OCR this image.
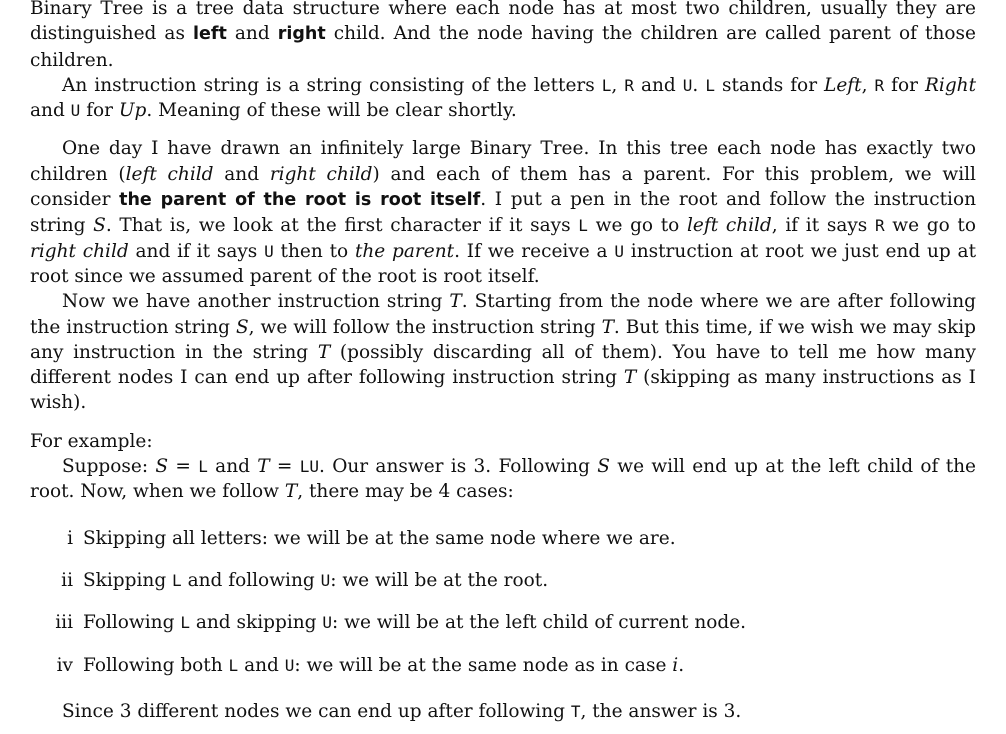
Binary Tree is a tree data structure where each node has at most two children, usually they are distinguished as left and right child. And the node having the children are called parent of those children.

An instruction string is a string consisting of the letters L, R and U. L stands for Left, R for Right and U for Up. Meaning of these will be clear shortly.

One day I have drawn an infinitely large Binary Tree. In this tree each node has exactly two children (left child and right child) and each of them has a parent. For this problem, we will consider the parent of the root is root itself. I put a pen in the root and follow the instruction string S. That is, we look at the first character if it says L we go to left child, if it says R we go to right child and if it says U then to the parent. If we receive a U instruction at root we just end up at root since we assumed parent of the root is root itself.

Now we have another instruction string T. Starting from the node where we are after following the instruction string S, we will follow the instruction string T. But this time, if we wish we may skip any instruction in the string T (possibly discarding all of them). You have to tell me how many different nodes I can end up after following instruction string T (skipping as many instructions as I wish).

For example:

Suppose: S = L and T = LU. Our answer is 3. Following S we will end up at the left child of the root. Now, when we follow T, there may be 4 cases:

i Skipping all letters: we will be at the same node where we are.
ii Skipping L and following U: we will be at the root.
iii Following L and skipping U: we will be at the left child of current node.
iv Following both L and U: we will be at the same node as in case i.

Since 3 different nodes we can end up after following T, the answer is 3.
